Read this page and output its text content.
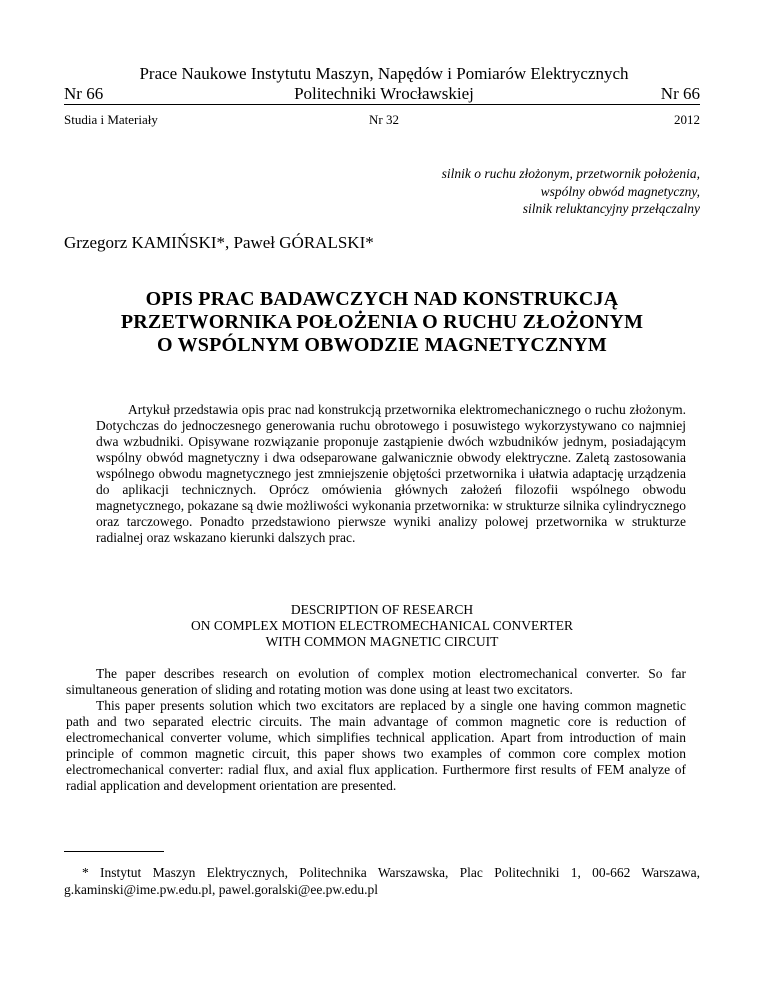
Prace Naukowe Instytutu Maszyn, Napędów i Pomiarów Elektrycznych
Politechniki Wrocławskiej
Nr 66	Nr 66
Studia i Materiały	Nr 32	2012
silnik o ruchu złożonym, przetwornik położenia,
wspólny obwód magnetyczny,
silnik reluktancyjny przełączalny
Grzegorz KAMIŃSKI*, Paweł GÓRALSKI*
OPIS PRAC BADAWCZYCH NAD KONSTRUKCJĄ
PRZETWORNIKA POŁOŻENIA O RUCHU ZŁOŻONYM
O WSPÓLNYM OBWODZIE MAGNETYCZNYM

Artykuł przedstawia opis prac nad konstrukcją przetwornika elektromechanicznego o ruchu złożonym. Dotychczas do jednoczesnego generowania ruchu obrotowego i posuwistego wykorzystywano co najmniej dwa wzbudniki. Opisywane rozwiązanie proponuje zastąpienie dwóch wzbudników jednym, posiadającym wspólny obwód magnetyczny i dwa odseparowane galwanicznie obwody elektryczne. Zaletą zastosowania wspólnego obwodu magnetycznego jest zmniejszenie objętości przetwornika i ułatwia adaptację urządzenia do aplikacji technicznych. Oprócz omówienia głównych założeń filozofii wspólnego obwodu magnetycznego, pokazane są dwie możliwości wykonania przetwornika: w strukturze silnika cylindrycznego oraz tarczowego. Ponadto przedstawiono pierwsze wyniki analizy polowej przetwornika w strukturze radialnej oraz wskazano kierunki dalszych prac.

DESCRIPTION OF RESEARCH
ON COMPLEX MOTION ELECTROMECHANICAL CONVERTER
WITH COMMON MAGNETIC CIRCUIT

The paper describes research on evolution of complex motion electromechanical converter. So far simultaneous generation of sliding and rotating motion was done using at least two excitators.

This paper presents solution which two excitators are replaced by a single one having common magnetic path and two separated electric circuits. The main advantage of common magnetic core is reduction of electromechanical converter volume, which simplifies technical application. Apart from introduction of main principle of common magnetic circuit, this paper shows two examples of common core complex motion electromechanical converter: radial flux, and axial flux application. Furthermore first results of FEM analyze of radial application and development orientation are presented.

* Instytut Maszyn Elektrycznych, Politechnika Warszawska, Plac Politechniki 1, 00-662 Warszawa, g.kaminski@ime.pw.edu.pl, pawel.goralski@ee.pw.edu.pl
